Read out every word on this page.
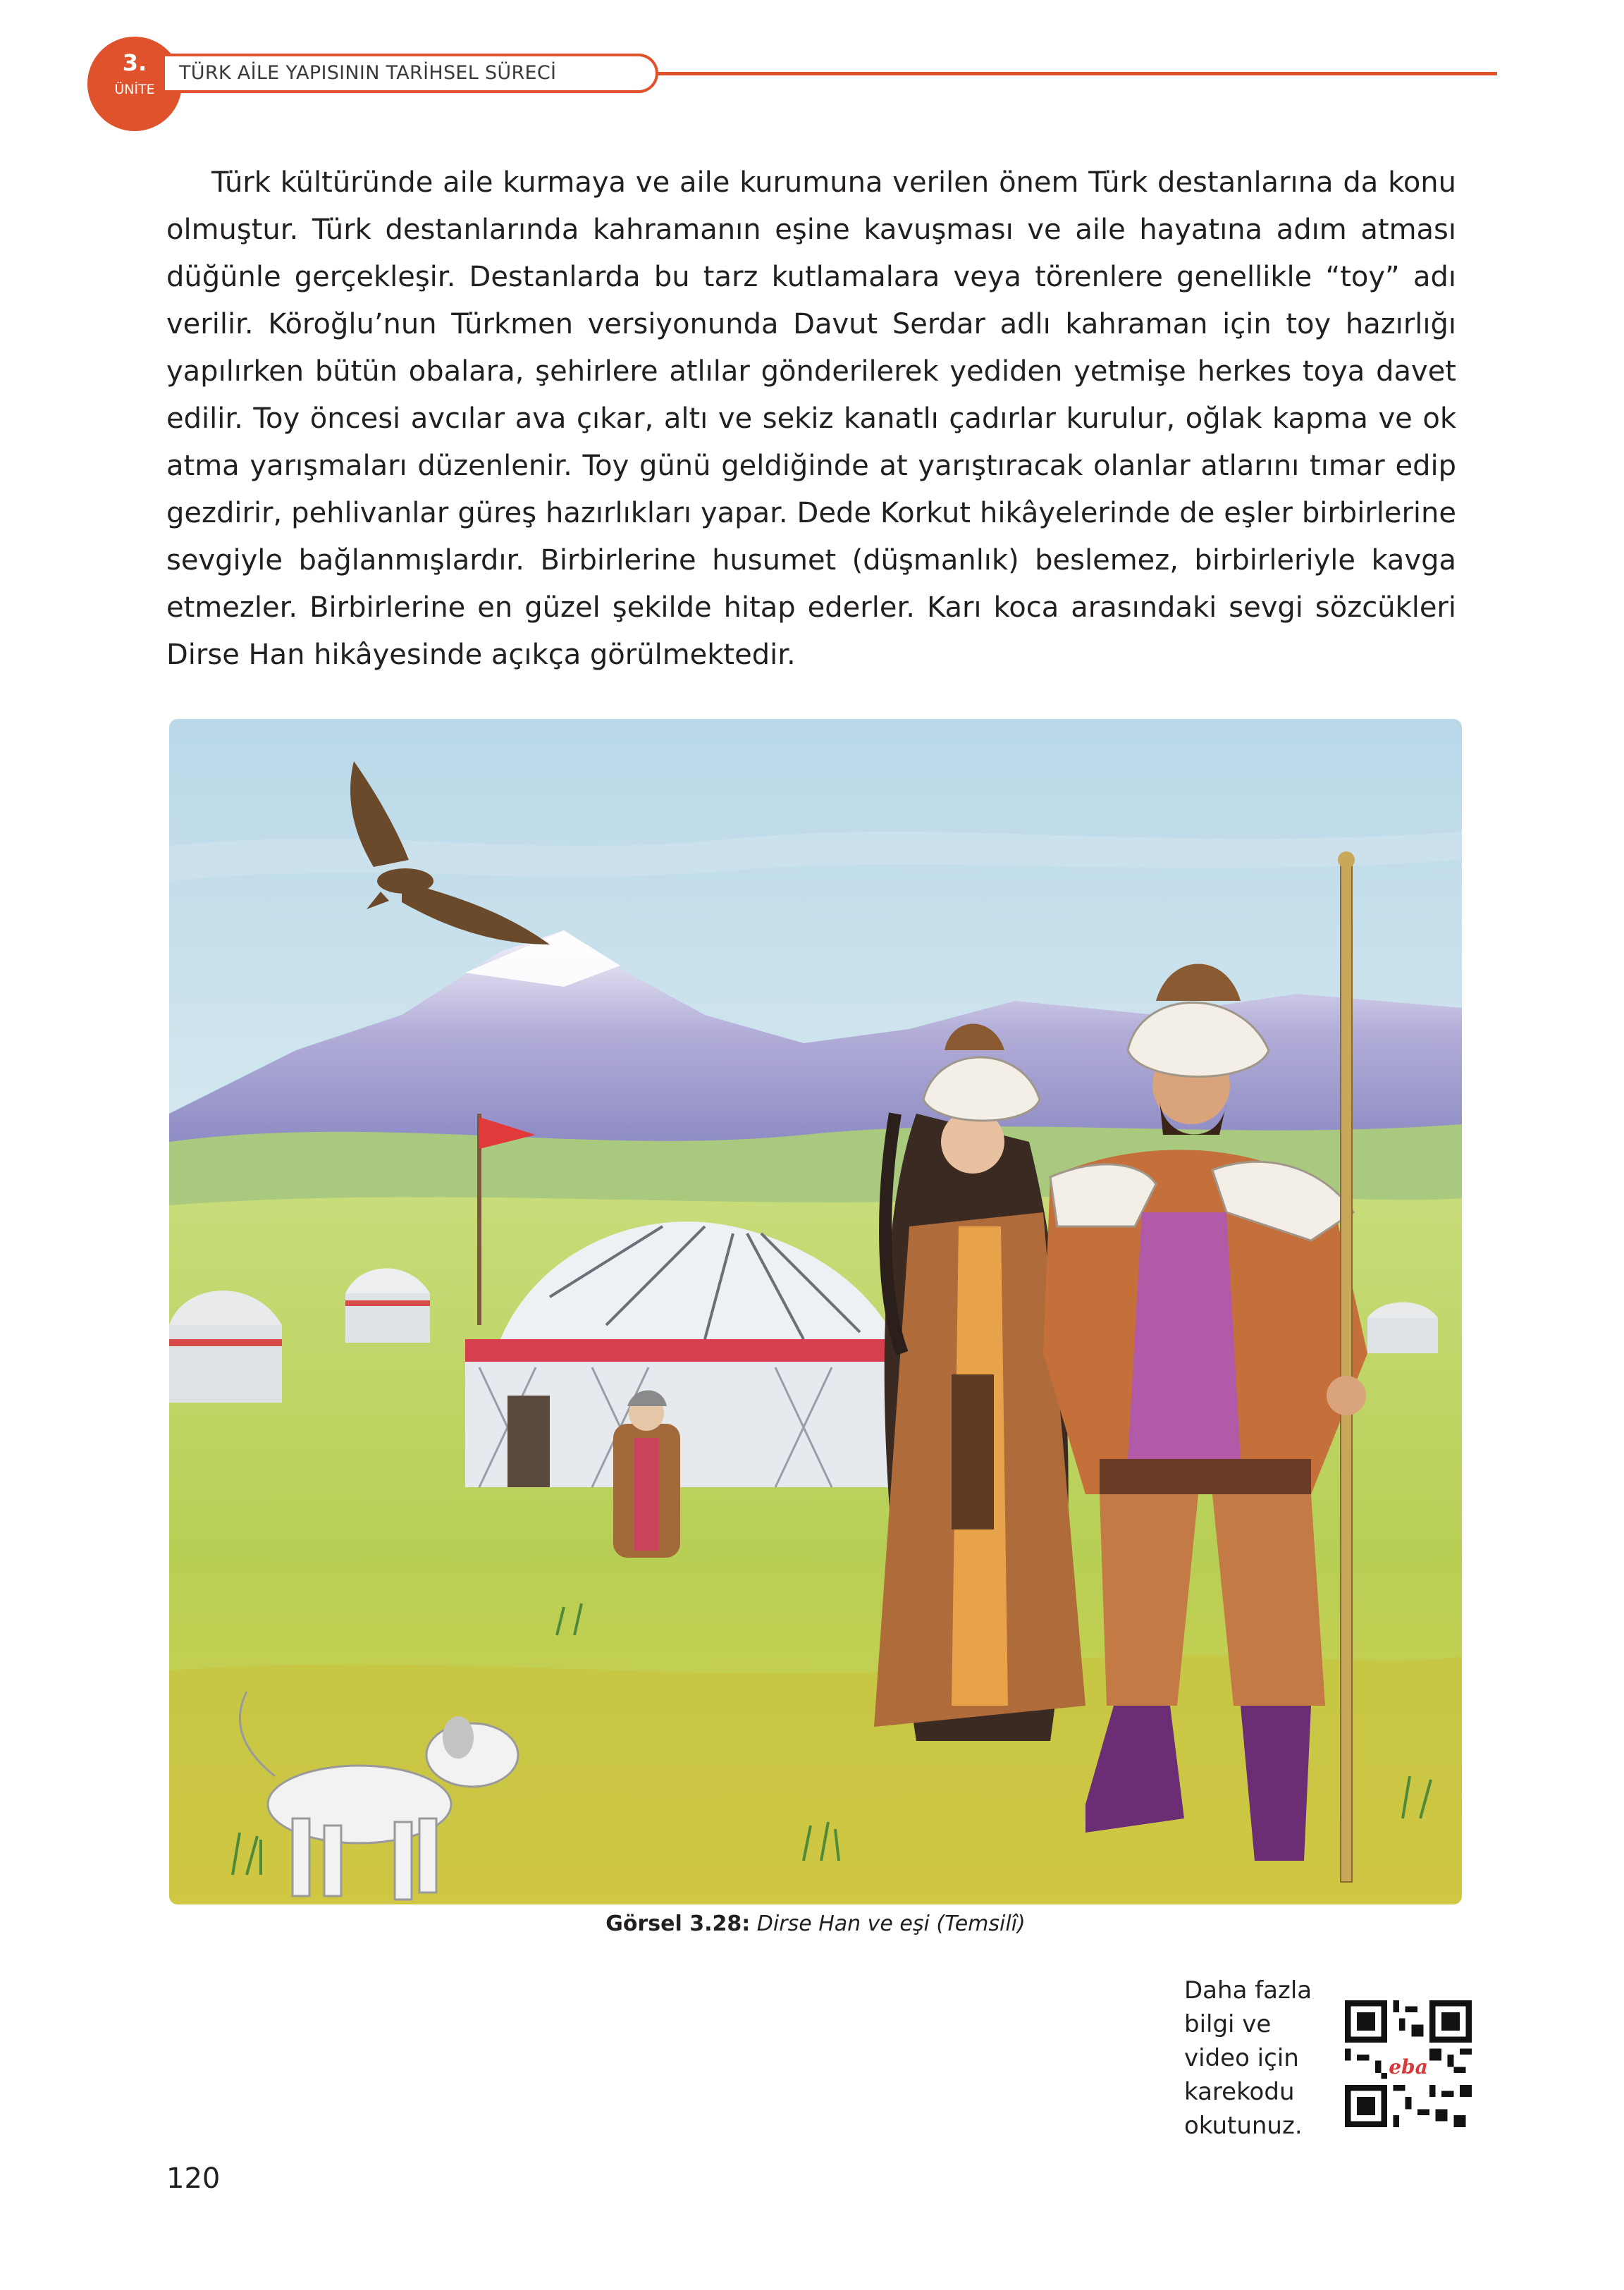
3.
ÜNİTE
TÜRK AİLE YAPISININ TARİHSEL SÜRECİ

Türk kültüründe aile kurmaya ve aile kurumuna verilen önem Türk destanlarına da konu olmuştur. Türk destanlarında kahramanın eşine kavuşması ve aile hayatına adım atması düğünle gerçekleşir. Destanlarda bu tarz kutlamalara veya törenlere genellikle “toy” adı verilir. Köroğlu’nun Türkmen versiyonunda Davut Serdar adlı kahraman için toy hazırlığı yapılırken bütün obalara, şehirlere atlılar gönderilerek yediden yetmişe herkes toya davet edilir. Toy öncesi avcılar ava çıkar, altı ve sekiz kanatlı çadırlar kurulur, oğlak kapma ve ok atma yarışmaları düzenlenir. Toy günü geldiğinde at yarıştıracak olanlar atlarını tımar edip gezdirir, pehlivanlar güreş hazırlıkları yapar. Dede Korkut hikâyelerinde de eşler birbirlerine sevgiyle bağlanmışlardır. Birbirlerine husumet (düşmanlık) beslemez, birbirleriyle kavga etmezler. Birbirlerine en güzel şekilde hitap ederler. Karı koca arasındaki sevgi sözcükleri Dirse Han hikâyesinde açıkça görülmektedir.

Görsel 3.28: Dirse Han ve eşi (Temsilî)
Daha fazla bilgi ve video için karekodu okutunuz.
eba
120
